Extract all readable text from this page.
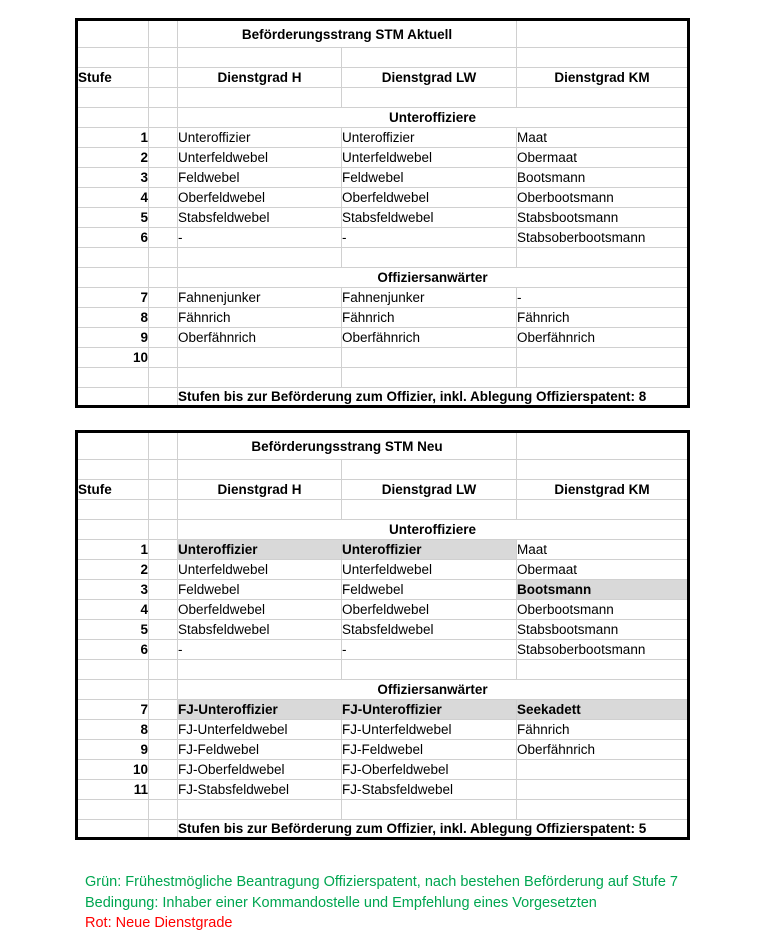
		Beförderungsstrang STM Aktuell		

Stufe		Dienstgrad H	Dienstgrad LW	Dienstgrad KM

		Unteroffiziere		
1		Unteroffizier	Unteroffizier	Maat
2		Unterfeldwebel	Unterfeldwebel	Obermaat
3		Feldwebel	Feldwebel	Bootsmann
4		Oberfeldwebel	Oberfeldwebel	Oberbootsmann
5		Stabsfeldwebel	Stabsfeldwebel	Stabsbootsmann
6		-	-	Stabsoberbootsmann

		Offiziersanwärter		
7		Fahnenjunker	Fahnenjunker	-
8		Fähnrich	Fähnrich	Fähnrich
9		Oberfähnrich	Oberfähnrich	Oberfähnrich
10				

		Stufen bis zur Beförderung zum Offizier, inkl. Ablegung Offizierspatent: 8		
		Beförderungsstrang STM Neu		

Stufe		Dienstgrad H	Dienstgrad LW	Dienstgrad KM

		Unteroffiziere		
1		Unteroffizier	Unteroffizier	Maat
2		Unterfeldwebel	Unterfeldwebel	Obermaat
3		Feldwebel	Feldwebel	Bootsmann
4		Oberfeldwebel	Oberfeldwebel	Oberbootsmann
5		Stabsfeldwebel	Stabsfeldwebel	Stabsbootsmann
6		-	-	Stabsoberbootsmann

		Offiziersanwärter		
7		FJ-Unteroffizier	FJ-Unteroffizier	Seekadett
8		FJ-Unterfeldwebel	FJ-Unterfeldwebel	Fähnrich
9		FJ-Feldwebel	FJ-Feldwebel	Oberfähnrich
10		FJ-Oberfeldwebel	FJ-Oberfeldwebel	
11		FJ-Stabsfeldwebel	FJ-Stabsfeldwebel	

		Stufen bis zur Beförderung zum Offizier, inkl. Ablegung Offizierspatent: 5		
Grün: Frühestmögliche Beantragung Offizierspatent, nach bestehen Beförderung auf Stufe 7
Bedingung: Inhaber einer Kommandostelle und Empfehlung eines Vorgesetzten
Rot: Neue Dienstgrade
